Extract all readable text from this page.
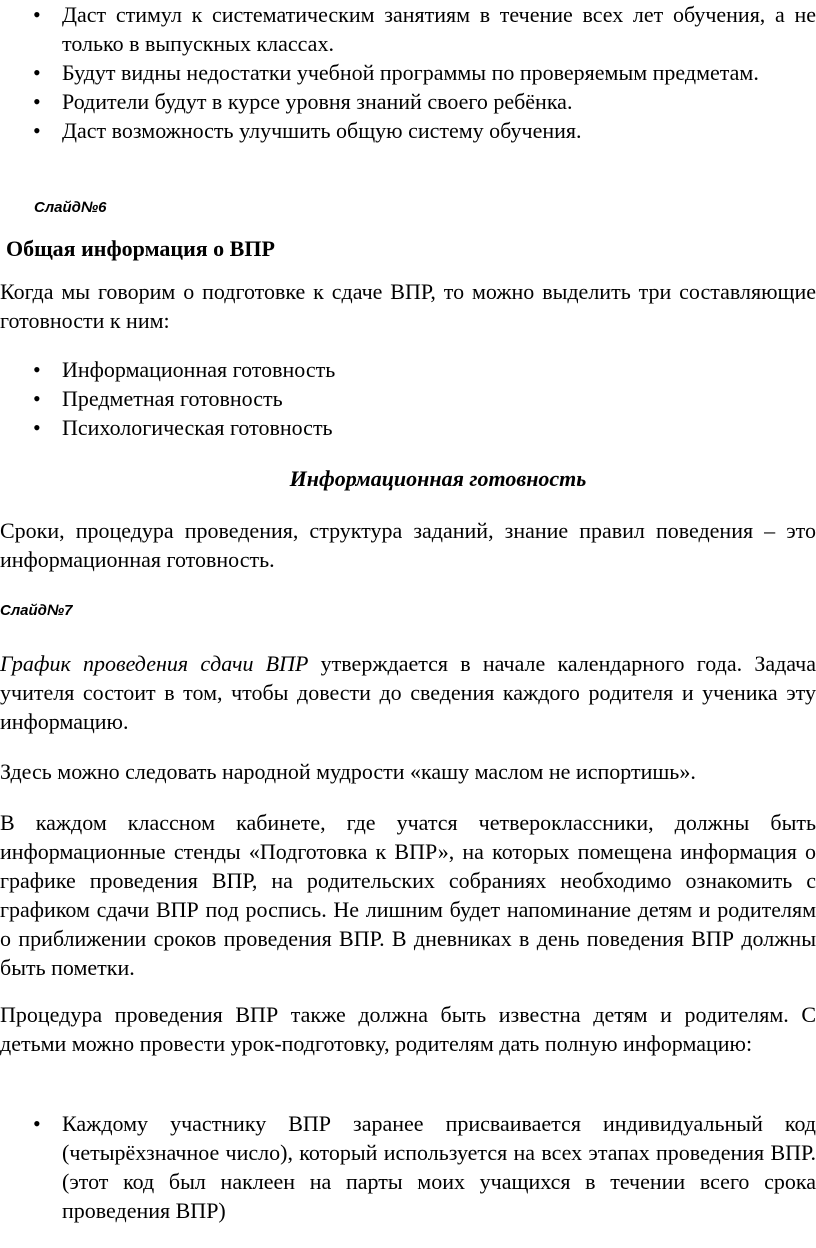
• Даст стимул к систематическим занятиям в течение всех лет обучения, а не только в выпускных классах.
• Будут видны недостатки учебной программы по проверяемым предметам.
• Родители будут в курсе уровня знаний своего ребёнка.
• Даст возможность улучшить общую систему обучения.

Слайд№6

Общая информация о ВПР

Когда мы говорим о подготовке к сдаче ВПР, то можно выделить три составляющие готовности к ним:

• Информационная готовность
• Предметная готовность
• Психологическая готовность

Информационная готовность

Сроки, процедура проведения, структура заданий, знание правил поведения – это информационная готовность.

Слайд№7

График проведения сдачи ВПР утверждается в начале календарного года. Задача учителя состоит в том, чтобы довести до сведения каждого родителя и ученика эту информацию.

Здесь можно следовать народной мудрости «кашу маслом не испортишь».

В каждом классном кабинете, где учатся четвероклассники, должны быть информационные стенды «Подготовка к ВПР», на которых помещена информация о графике проведения ВПР, на родительских собраниях необходимо ознакомить с графиком сдачи ВПР под роспись. Не лишним будет напоминание детям и родителям о приближении сроков проведения ВПР. В дневниках в день поведения ВПР должны быть пометки.

Процедура проведения ВПР также должна быть известна детям и родителям. С детьми можно провести урок-подготовку, родителям дать полную информацию:

• Каждому участнику ВПР заранее присваивается индивидуальный код (четырёхзначное число), который используется на всех этапах проведения ВПР. (этот код был наклеен на парты моих учащихся в течении всего срока проведения ВПР)
